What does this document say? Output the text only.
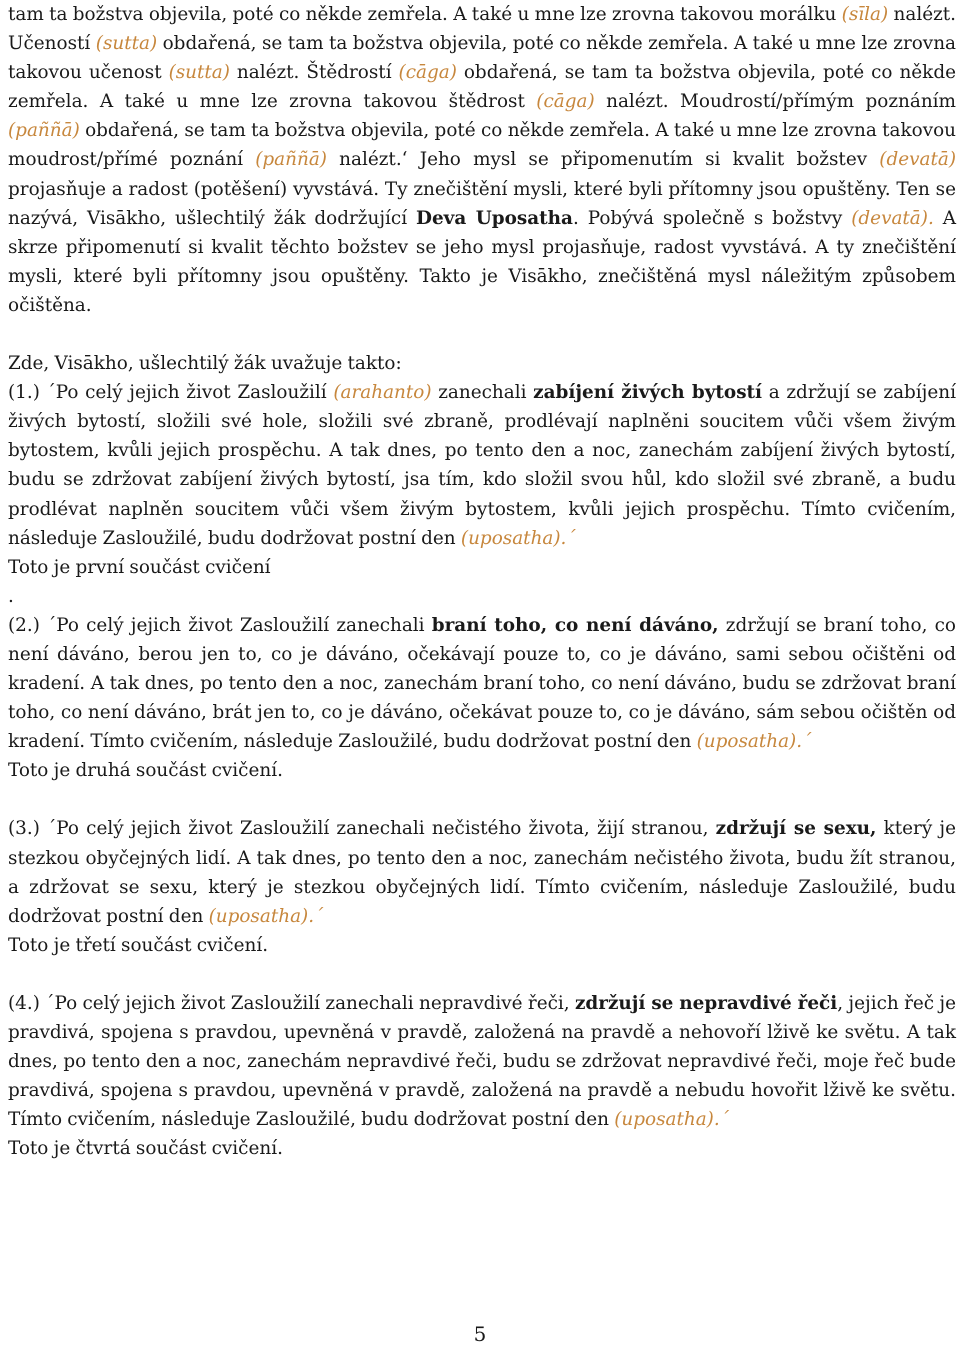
tam ta božstva objevila, poté co někde zemřela. A také u mne lze zrovna takovou morálku (sīla) nalézt. Učeností (sutta) obdařená, se tam ta božstva objevila, poté co někde zemřela. A také u mne lze zrovna takovou učenost (sutta) nalézt. Štědrostí (cāga) obdařená, se tam ta božstva objevila, poté co někde zemřela. A také u mne lze zrovna takovou štědrost (cāga) nalézt. Moudrostí/přímým poznáním (paññā) obdařená, se tam ta božstva objevila, poté co někde zemřela. A také u mne lze zrovna takovou moudrost/přímé poznání (paññā) nalézt.‘ Jeho mysl se připomenutím si kvalit božstev (devatā) projasňuje a radost (potěšení) vyvstává. Ty znečištění mysli, které byli přítomny jsou opuštěny. Ten se nazývá, Visākho, ušlechtilý žák dodržující Deva Uposatha. Pobývá společně s božstvy (devatā). A skrze připomenutí si kvalit těchto božstev se jeho mysl projasňuje, radost vyvstává. A ty znečištění mysli, které byli přítomny jsou opuštěny. Takto je Visākho, znečištěná mysl náležitým způsobem očištěna.

Zde, Visākho, ušlechtilý žák uvažuje takto:

(1.) ´Po celý jejich život Zasloužilí (arahanto) zanechali zabíjení živých bytostí a zdržují se zabíjení živých bytostí, složili své hole, složili své zbraně, prodlévají naplněni soucitem vůči všem živým bytostem, kvůli jejich prospěchu. A tak dnes, po tento den a noc, zanechám zabíjení živých bytostí, budu se zdržovat zabíjení živých bytostí, jsa tím, kdo složil svou hůl, kdo složil své zbraně, a budu prodlévat naplněn soucitem vůči všem živým bytostem, kvůli jejich prospěchu. Tímto cvičením, následuje Zasloužilé, budu dodržovat postní den (uposatha).´

Toto je první součást cvičení

.

(2.) ´Po celý jejich život Zasloužilí zanechali braní toho, co není dáváno, zdržují se braní toho, co není dáváno, berou jen to, co je dáváno, očekávají pouze to, co je dáváno, sami sebou očištěni od kradení. A tak dnes, po tento den a noc, zanechám braní toho, co není dáváno, budu se zdržovat braní toho, co není dáváno, brát jen to, co je dáváno, očekávat pouze to, co je dáváno, sám sebou očištěn od kradení. Tímto cvičením, následuje Zasloužilé, budu dodržovat postní den (uposatha).´

Toto je druhá součást cvičení.

(3.) ´Po celý jejich život Zasloužilí zanechali nečistého života, žijí stranou, zdržují se sexu, který je stezkou obyčejných lidí. A tak dnes, po tento den a noc, zanechám nečistého života, budu žít stranou, a zdržovat se sexu, který je stezkou obyčejných lidí. Tímto cvičením, následuje Zasloužilé, budu dodržovat postní den (uposatha).´

Toto je třetí součást cvičení.

(4.) ´Po celý jejich život Zasloužilí zanechali nepravdivé řeči, zdržují se nepravdivé řeči, jejich řeč je pravdivá, spojena s pravdou, upevněná v pravdě, založená na pravdě a nehovoří lživě ke světu. A tak dnes, po tento den a noc, zanechám nepravdivé řeči, budu se zdržovat nepravdivé řeči, moje řeč bude pravdivá, spojena s pravdou, upevněná v pravdě, založená na pravdě a nebudu hovořit lživě ke světu. Tímto cvičením, následuje Zasloužilé, budu dodržovat postní den (uposatha).´

Toto je čtvrtá součást cvičení.

5
